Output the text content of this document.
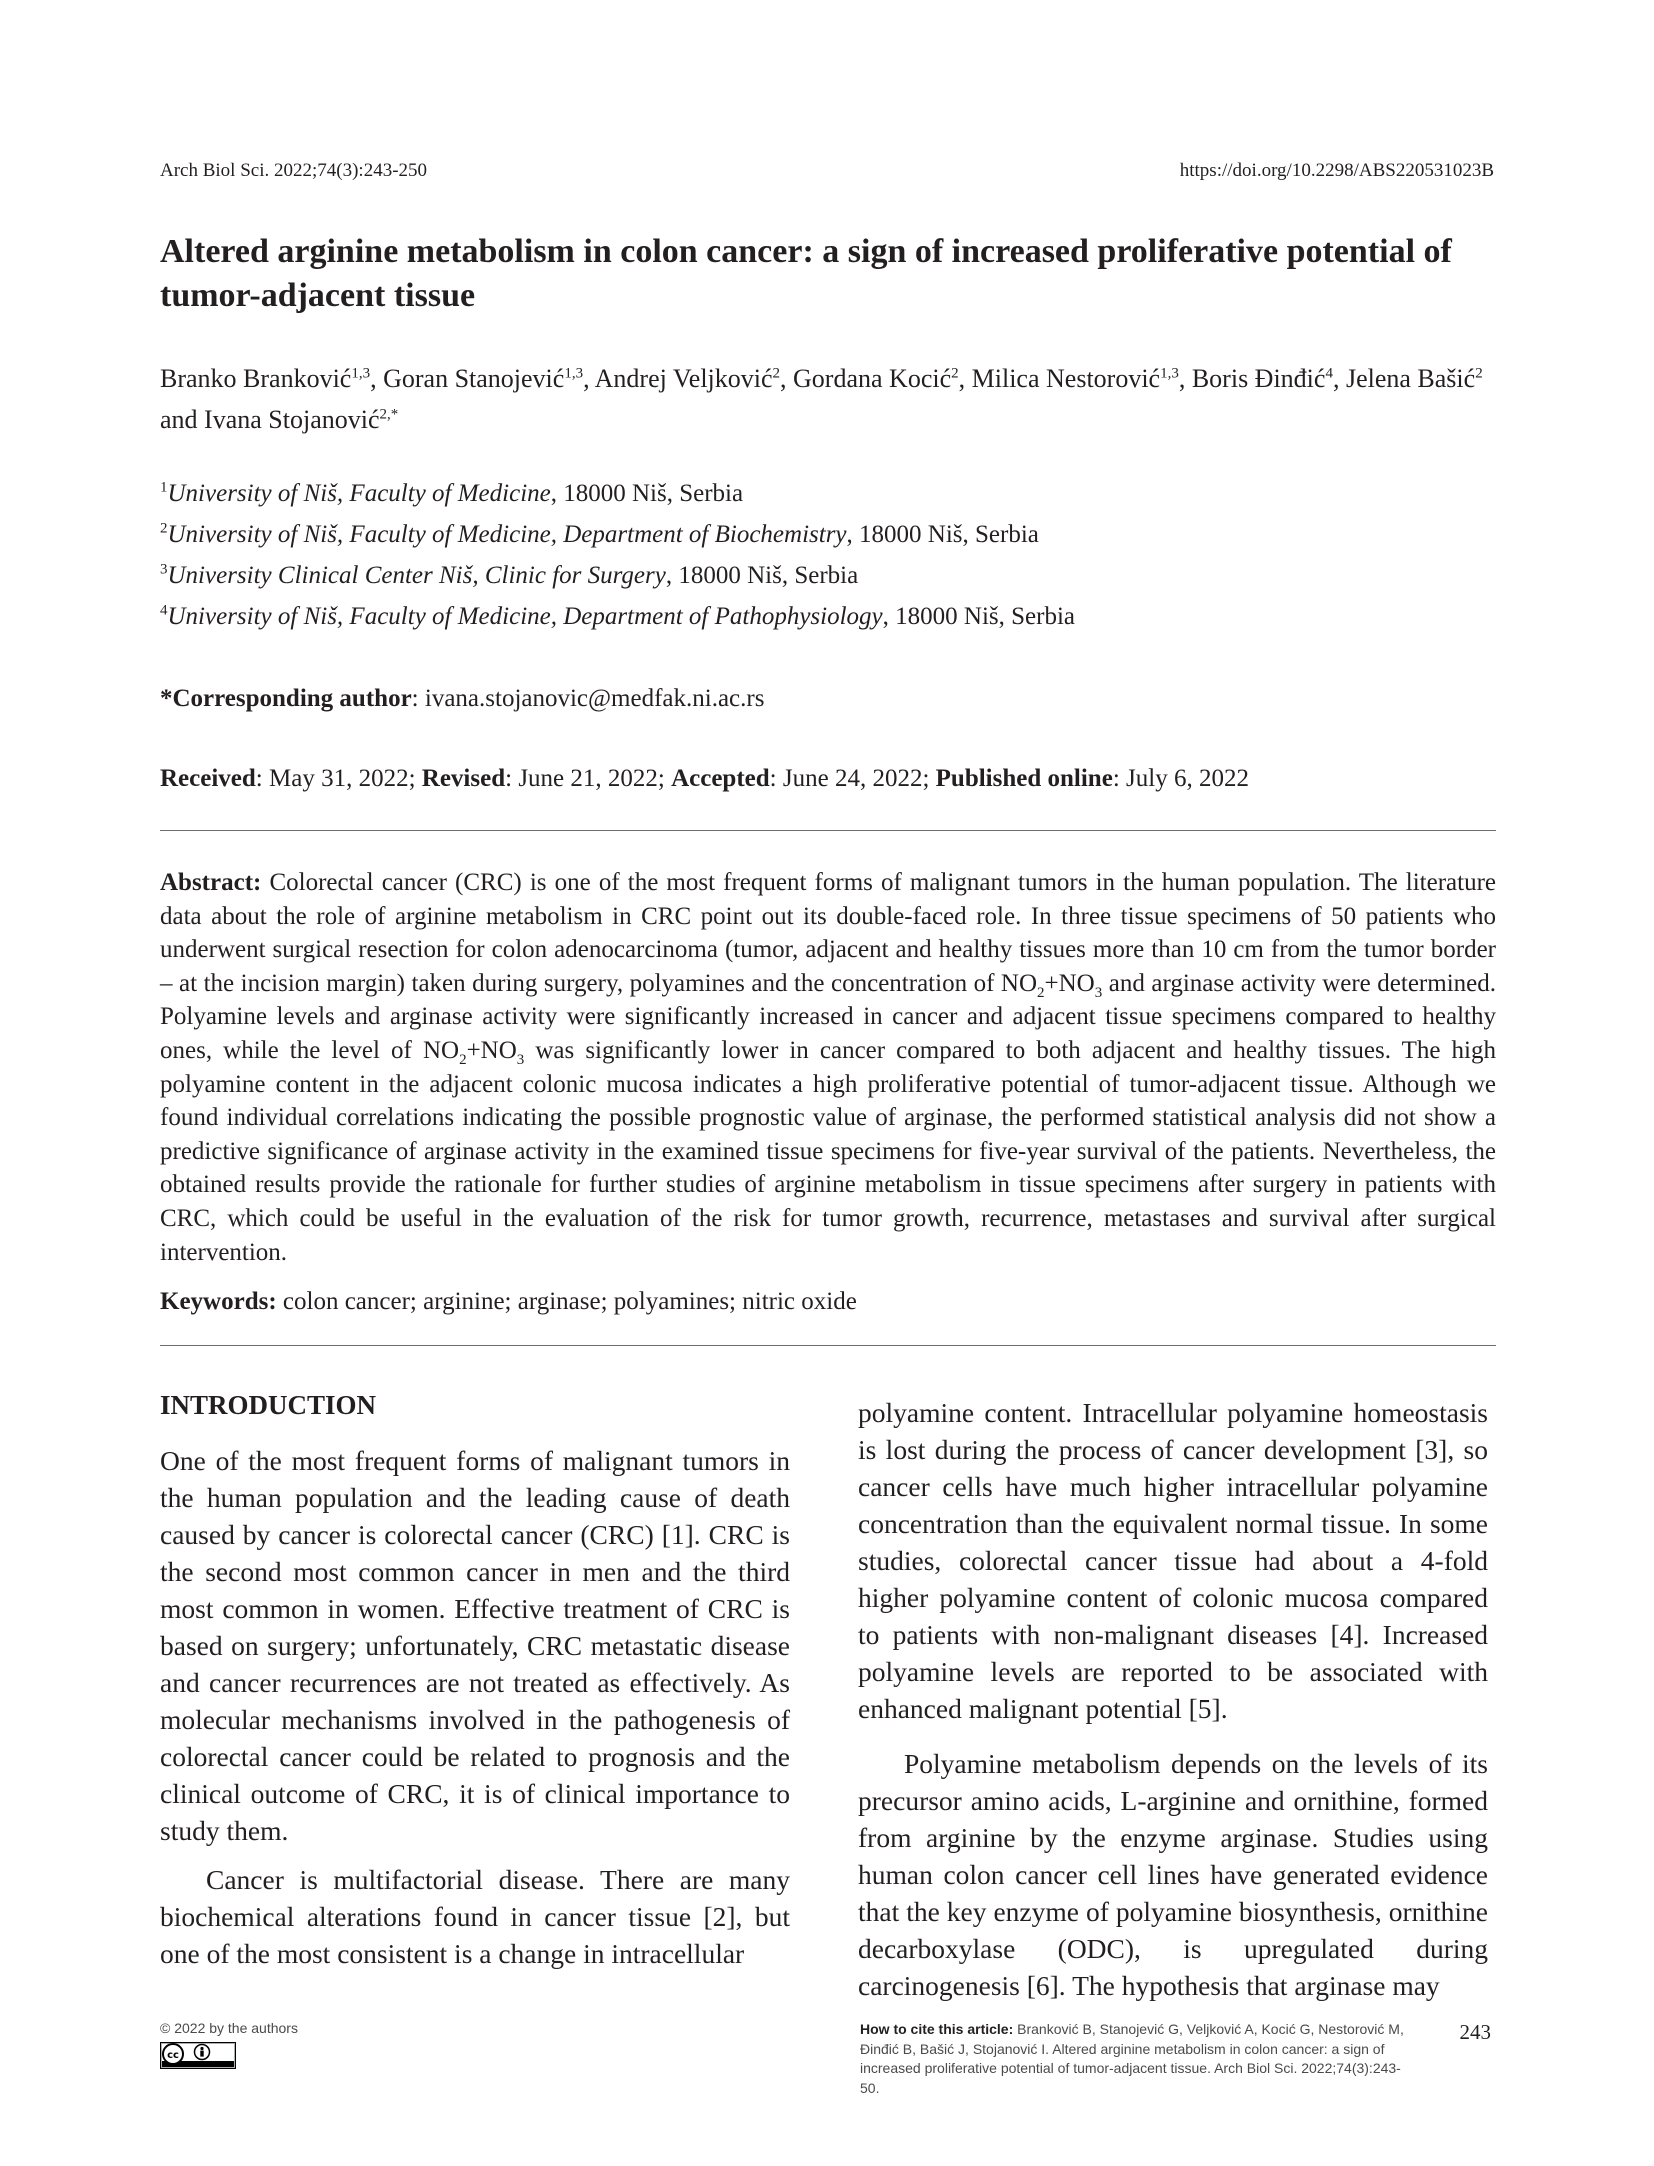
Arch Biol Sci. 2022;74(3):243-250	https://doi.org/10.2298/ABS220531023B
Altered arginine metabolism in colon cancer: a sign of increased proliferative potential of tumor-adjacent tissue
Branko Branković$^{1,3}$, Goran Stanojević$^{1,3}$, Andrej Veljković$^2$, Gordana Kocić$^2$, Milica Nestorović$^{1,3}$, Boris Đinđić$^4$, Jelena Bašić$^2$ and Ivana Stojanović$^{2,*}$
$^1$University of Niš, Faculty of Medicine, 18000 Niš, Serbia
$^2$University of Niš, Faculty of Medicine, Department of Biochemistry, 18000 Niš, Serbia
$^3$University Clinical Center Niš, Clinic for Surgery, 18000 Niš, Serbia
$^4$University of Niš, Faculty of Medicine, Department of Pathophysiology, 18000 Niš, Serbia
*Corresponding author: ivana.stojanovic@medfak.ni.ac.rs
Received: May 31, 2022; Revised: June 21, 2022; Accepted: June 24, 2022; Published online: July 6, 2022

Abstract: Colorectal cancer (CRC) is one of the most frequent forms of malignant tumors in the human population. The literature data about the role of arginine metabolism in CRC point out its double-faced role. In three tissue specimens of 50 patients who underwent surgical resection for colon adenocarcinoma (tumor, adjacent and healthy tissues more than 10 cm from the tumor border – at the incision margin) taken during surgery, polyamines and the concentration of $NO_2+NO_3$ and arginase activity were determined. Polyamine levels and arginase activity were significantly increased in cancer and adjacent tissue specimens compared to healthy ones, while the level of $NO_2+NO_3$ was significantly lower in cancer compared to both adjacent and healthy tissues. The high polyamine content in the adjacent colonic mucosa indicates a high proliferative potential of tumor-adjacent tissue. Although we found individual correlations indicating the possible prognostic value of arginase, the performed statistical analysis did not show a predictive significance of arginase activity in the examined tissue specimens for five-year survival of the patients. Nevertheless, the obtained results provide the rationale for further studies of arginine metabolism in tissue specimens after surgery in patients with CRC, which could be useful in the evaluation of the risk for tumor growth, recurrence, metastases and survival after surgical intervention.

Keywords: colon cancer; arginine; arginase; polyamines; nitric oxide
INTRODUCTION

One of the most frequent forms of malignant tumors in the human population and the leading cause of death caused by cancer is colorectal cancer (CRC) [1]. CRC is the second most common cancer in men and the third most common in women. Effective treatment of CRC is based on surgery; unfortunately, CRC metastatic disease and cancer recurrences are not treated as effectively. As molecular mechanisms involved in the pathogenesis of colorectal cancer could be related to prognosis and the clinical outcome of CRC, it is of clinical importance to study them.

Cancer is multifactorial disease. There are many biochemical alterations found in cancer tissue [2], but one of the most consistent is a change in intracellular

polyamine content. Intracellular polyamine homeostasis is lost during the process of cancer development [3], so cancer cells have much higher intracellular polyamine concentration than the equivalent normal tissue. In some studies, colorectal cancer tissue had about a 4-fold higher polyamine content of colonic mucosa compared to patients with non-malignant diseases [4]. Increased polyamine levels are reported to be associated with enhanced malignant potential [5].

Polyamine metabolism depends on the levels of its precursor amino acids, L-arginine and ornithine, formed from arginine by the enzyme arginase. Studies using human colon cancer cell lines have generated evidence that the key enzyme of polyamine biosynthesis, ornithine decarboxylase (ODC), is upregulated during carcinogenesis [6]. The hypothesis that arginase may

© 2022 by the authors
cc
How to cite this article: Branković B, Stanojević G, Veljković A, Kocić G, Nestorović M, Đinđić B, Bašić J, Stojanović I. Altered arginine metabolism in colon cancer: a sign of increased proliferative potential of tumor-adjacent tissue. Arch Biol Sci. 2022;74(3):243-50.
243
